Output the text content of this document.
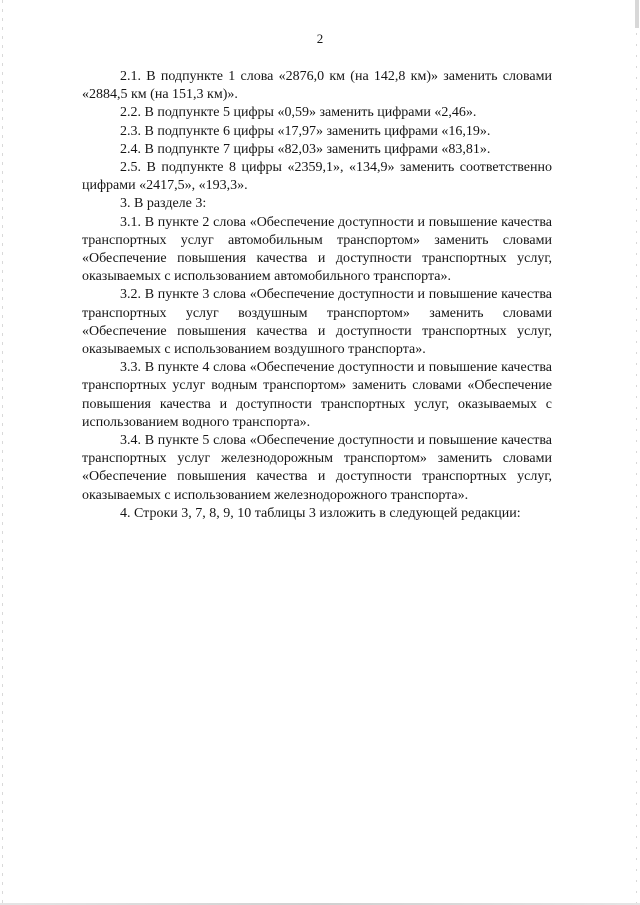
2

2.1. В подпункте 1 слова «2876,0 км (на 142,8 км)» заменить словами «2884,5 км (на 151,3 км)».

2.2. В подпункте 5 цифры «0,59» заменить цифрами «2,46».

2.3. В подпункте 6 цифры «17,97» заменить цифрами «16,19».

2.4. В подпункте 7 цифры «82,03» заменить цифрами «83,81».

2.5. В подпункте 8 цифры «2359,1», «134,9» заменить соответственно цифрами «2417,5», «193,3».

3. В разделе 3:

3.1. В пункте 2 слова «Обеспечение доступности и повышение качества транспортных услуг автомобильным транспортом» заменить словами «Обеспечение повышения качества и доступности транспортных услуг, оказываемых с использованием автомобильного транспорта».

3.2. В пункте 3 слова «Обеспечение доступности и повышение качества транспортных услуг воздушным транспортом» заменить словами «Обеспечение повышения качества и доступности транспортных услуг, оказываемых с использованием воздушного транспорта».

3.3. В пункте 4 слова «Обеспечение доступности и повышение качества транспортных услуг водным транспортом» заменить словами «Обеспечение повышения качества и доступности транспортных услуг, оказываемых с использованием водного транспорта».

3.4. В пункте 5 слова «Обеспечение доступности и повышение качества транспортных услуг железнодорожным транспортом» заменить словами «Обеспечение повышения качества и доступности транспортных услуг, оказываемых с использованием железнодорожного транспорта».

4. Строки 3, 7, 8, 9, 10 таблицы 3 изложить в следующей редакции:
